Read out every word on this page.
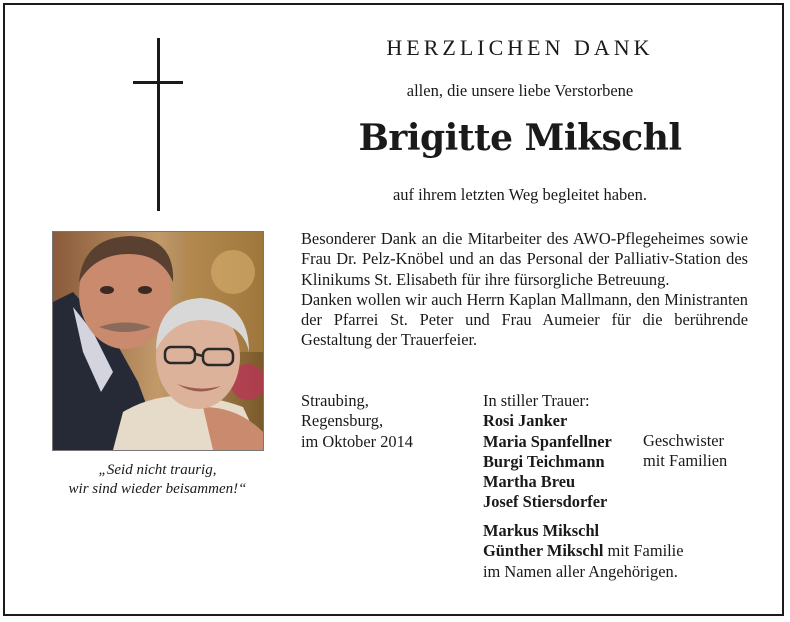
HERZLICHEN DANK
allen, die unsere liebe Verstorbene
Brigitte Mikschl
auf ihrem letzten Weg begleitet haben.

Besonderer Dank an die Mitarbeiter des AWO-Pflegeheimes sowie Frau Dr. Pelz-Knöbel und an das Personal der Palliativ-Station des Klinikums St. Elisabeth für ihre fürsorgliche Betreuung.

Danken wollen wir auch Herrn Kaplan Mallmann, den Ministranten der Pfarrei St. Peter und Frau Aumeier für die berührende Gestaltung der Trauerfeier.

„Seid nicht traurig,
wir sind wieder beisammen!“
Straubing,
Regensburg,
im Oktober 2014
In stiller Trauer:
Rosi Janker
Maria Spanfellner
Burgi Teichmann
Martha Breu
Josef Stiersdorfer
Geschwister
mit Familien
Markus Mikschl
Günther Mikschl mit Familie
im Namen aller Angehörigen.
